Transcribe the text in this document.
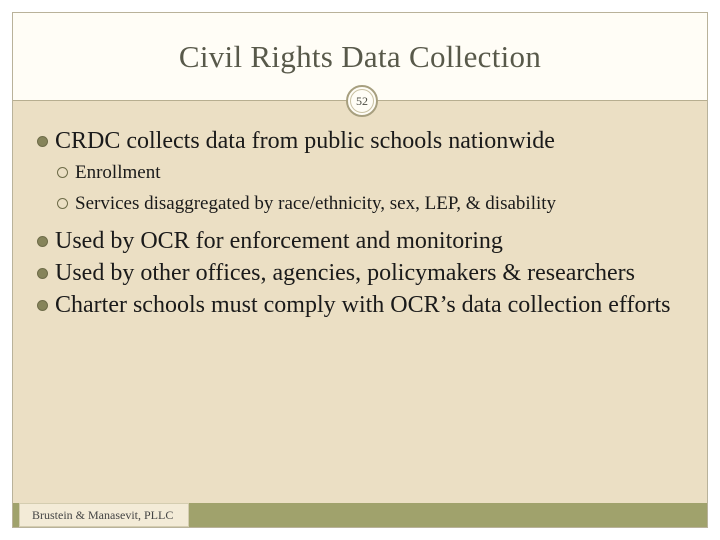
Civil Rights Data Collection
52
CRDC collects data from public schools nationwide
Enrollment
Services disaggregated by race/ethnicity, sex, LEP, & disability
Used by OCR for enforcement and monitoring
Used by other offices, agencies, policymakers & researchers
Charter schools must comply with OCR’s data collection efforts
Brustein & Manasevit, PLLC
